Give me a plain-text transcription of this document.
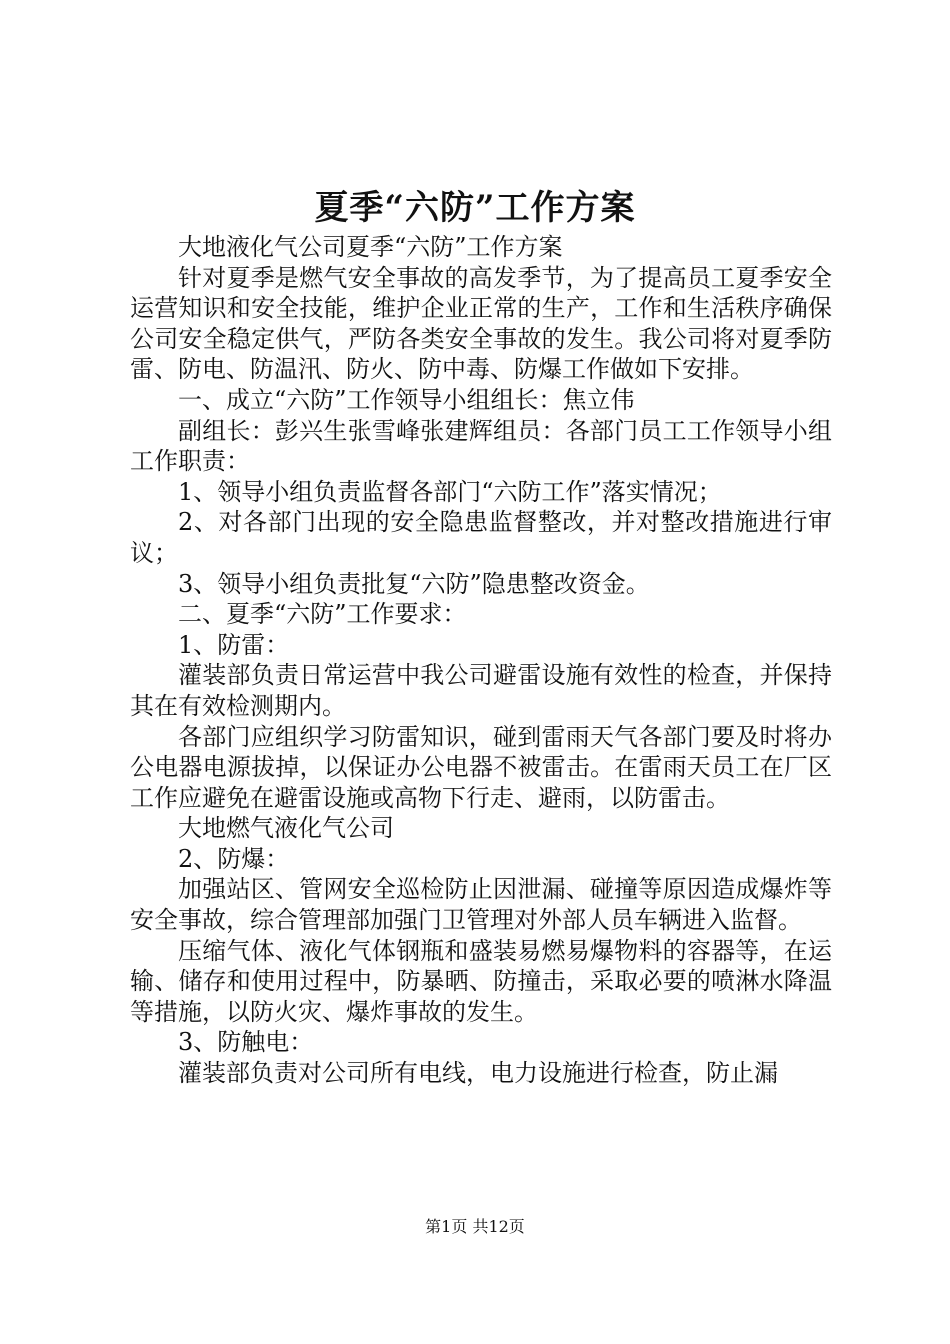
夏季“六防”工作方案

大地液化气公司夏季“六防”工作方案

针对夏季是燃气安全事故的高发季节，为了提高员工夏季安全运营知识和安全技能，维护企业正常的生产，工作和生活秩序确保公司安全稳定供气，严防各类安全事故的发生。我公司将对夏季防雷、防电、防温汛、防火、防中毒、防爆工作做如下安排。

一、成立“六防”工作领导小组组长：焦立伟

副组长：彭兴生张雪峰张建辉组员：各部门员工工作领导小组工作职责：

1、领导小组负责监督各部门“六防工作”落实情况；

2、对各部门出现的安全隐患监督整改，并对整改措施进行审议；

3、领导小组负责批复“六防”隐患整改资金。

二、夏季“六防”工作要求：

1、防雷：

灌装部负责日常运营中我公司避雷设施有效性的检查，并保持其在有效检测期内。

各部门应组织学习防雷知识，碰到雷雨天气各部门要及时将办公电器电源拔掉，以保证办公电器不被雷击。在雷雨天员工在厂区工作应避免在避雷设施或高物下行走、避雨，以防雷击。

大地燃气液化气公司

2、防爆：

加强站区、管网安全巡检防止因泄漏、碰撞等原因造成爆炸等安全事故，综合管理部加强门卫管理对外部人员车辆进入监督。

压缩气体、液化气体钢瓶和盛装易燃易爆物料的容器等，在运输、储存和使用过程中，防暴晒、防撞击，采取必要的喷淋水降温等措施，以防火灾、爆炸事故的发生。

3、防触电：

灌装部负责对公司所有电线，电力设施进行检查，防止漏

第1页 共12页
